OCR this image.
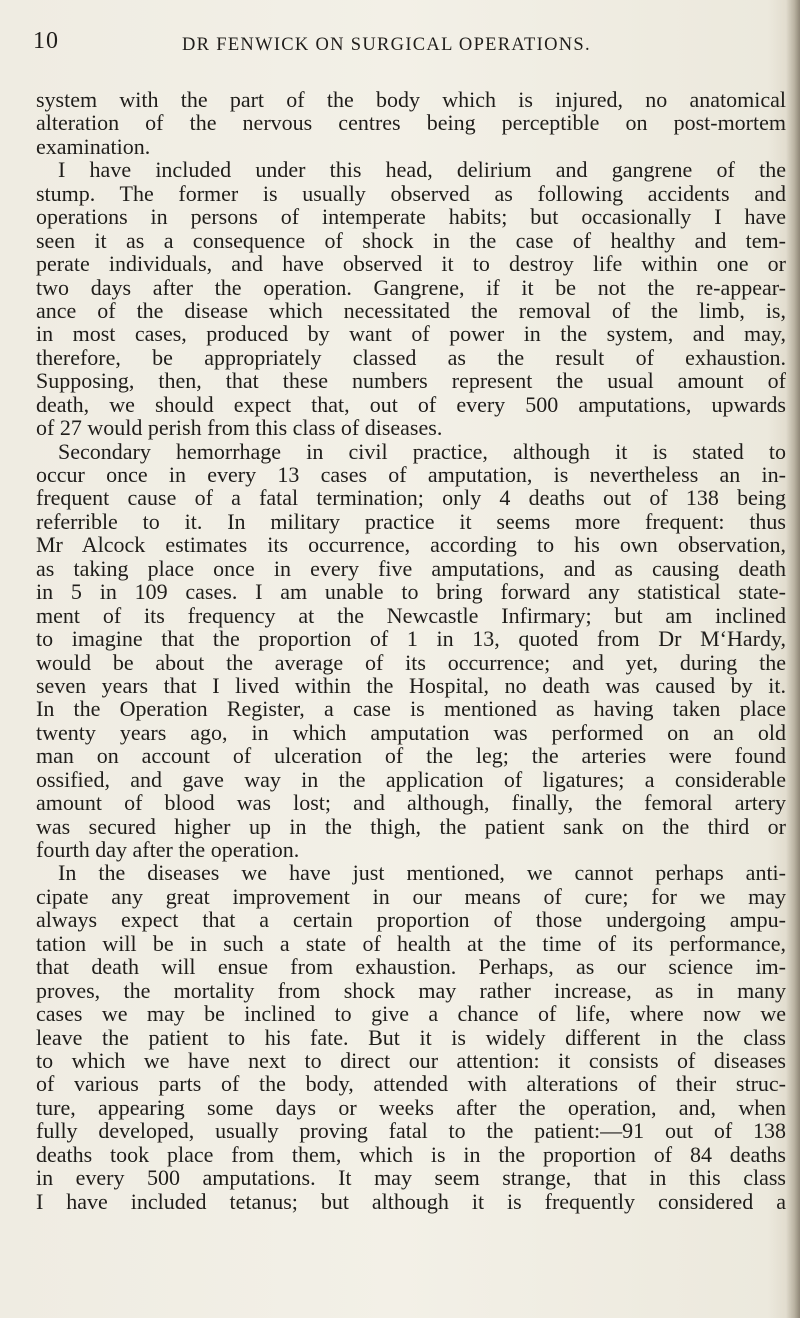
10	DR FENWICK ON SURGICAL OPERATIONS.
system with the part of the body which is injured, no anatomical
alteration of the nervous centres being perceptible on post-mortem
examination.
I have included under this head, delirium and gangrene of the
stump. The former is usually observed as following accidents and
operations in persons of intemperate habits; but occasionally I have
seen it as a consequence of shock in the case of healthy and tem-
perate individuals, and have observed it to destroy life within one or
two days after the operation. Gangrene, if it be not the re-appear-
ance of the disease which necessitated the removal of the limb, is,
in most cases, produced by want of power in the system, and may,
therefore, be appropriately classed as the result of exhaustion.
Supposing, then, that these numbers represent the usual amount of
death, we should expect that, out of every 500 amputations, upwards
of 27 would perish from this class of diseases.
Secondary hemorrhage in civil practice, although it is stated to
occur once in every 13 cases of amputation, is nevertheless an in-
frequent cause of a fatal termination; only 4 deaths out of 138 being
referrible to it. In military practice it seems more frequent: thus
Mr Alcock estimates its occurrence, according to his own observation,
as taking place once in every five amputations, and as causing death
in 5 in 109 cases. I am unable to bring forward any statistical state-
ment of its frequency at the Newcastle Infirmary; but am inclined
to imagine that the proportion of 1 in 13, quoted from Dr M‘Hardy,
would be about the average of its occurrence; and yet, during the
seven years that I lived within the Hospital, no death was caused by it.
In the Operation Register, a case is mentioned as having taken place
twenty years ago, in which amputation was performed on an old
man on account of ulceration of the leg; the arteries were found
ossified, and gave way in the application of ligatures; a considerable
amount of blood was lost; and although, finally, the femoral artery
was secured higher up in the thigh, the patient sank on the third or
fourth day after the operation.
In the diseases we have just mentioned, we cannot perhaps anti-
cipate any great improvement in our means of cure; for we may
always expect that a certain proportion of those undergoing ampu-
tation will be in such a state of health at the time of its performance,
that death will ensue from exhaustion. Perhaps, as our science im-
proves, the mortality from shock may rather increase, as in many
cases we may be inclined to give a chance of life, where now we
leave the patient to his fate. But it is widely different in the class
to which we have next to direct our attention: it consists of diseases
of various parts of the body, attended with alterations of their struc-
ture, appearing some days or weeks after the operation, and, when
fully developed, usually proving fatal to the patient:—91 out of 138
deaths took place from them, which is in the proportion of 84 deaths
in every 500 amputations. It may seem strange, that in this class
I have included tetanus; but although it is frequently considered a
